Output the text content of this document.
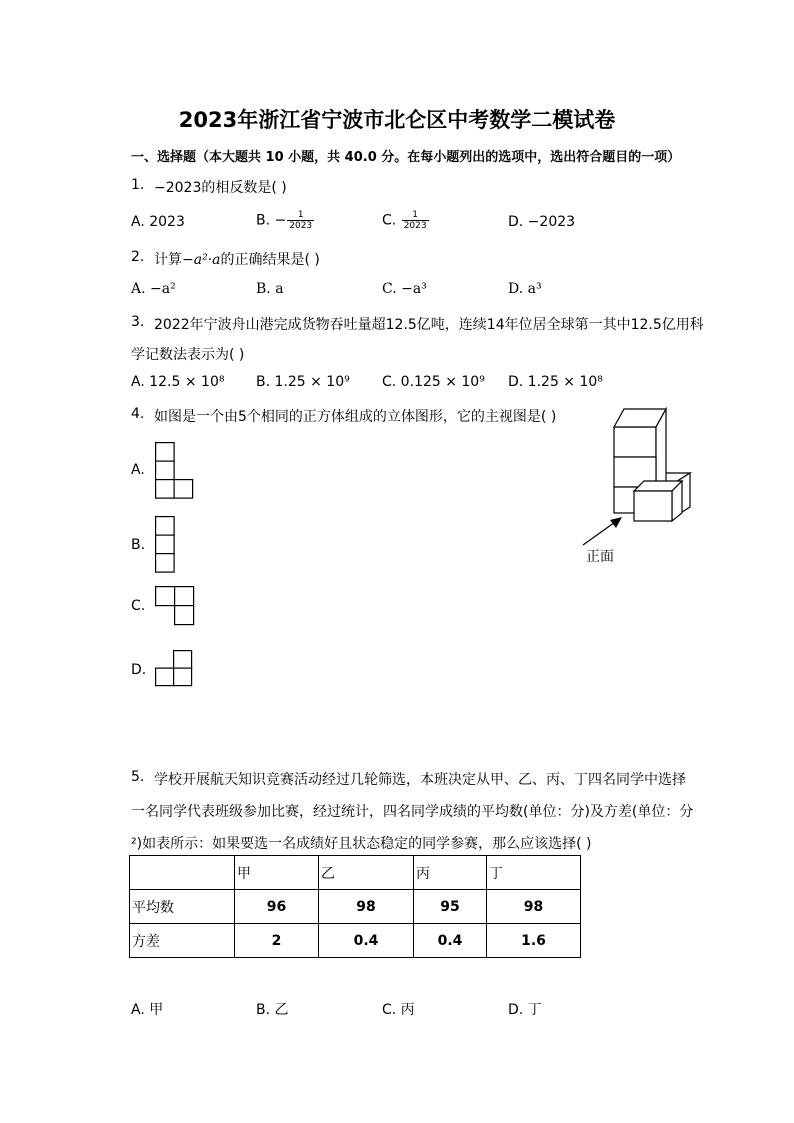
2023年浙江省宁波市北仑区中考数学二模试卷
一、选择题（本大题共 10 小题，共 40.0 分。在每小题列出的选项中，选出符合题目的一项）
1. −2023的相反数是( )
A. 2023	B. − $\frac{1}{2023}$	C. $\frac{1}{2023}$	D. −2023
2. 计算−a²·a的正确结果是( )
A. −a²	B. a	C. −a³	D. a³
3. 2022年宁波舟山港完成货物吞吐量超12.5亿吨，连续14年位居全球第一其中12.5亿用科
学记数法表示为( )
A. 12.5 × 10⁸ B. 1.25 × 10⁹ C. 0.125 × 10⁹ D. 1.25 × 10⁸
4. 如图是一个由5个相同的正方体组成的立体图形，它的主视图是( )
正面
A.
B.
C.
D.
5. 学校开展航天知识竞赛活动经过几轮筛选，本班决定从甲、乙、丙、丁四名同学中选择
一名同学代表班级参加比赛，经过统计，四名同学成绩的平均数(单位：分)及方差(单位：分
²)如表所示：如果要选一名成绩好且状态稳定的同学参赛，那么应该选择( )
	甲	乙	丙	丁
平均数	96	98	95	98
方差	2	0.4	0.4	1.6
A. 甲	B. 乙	C. 丙	D. 丁
